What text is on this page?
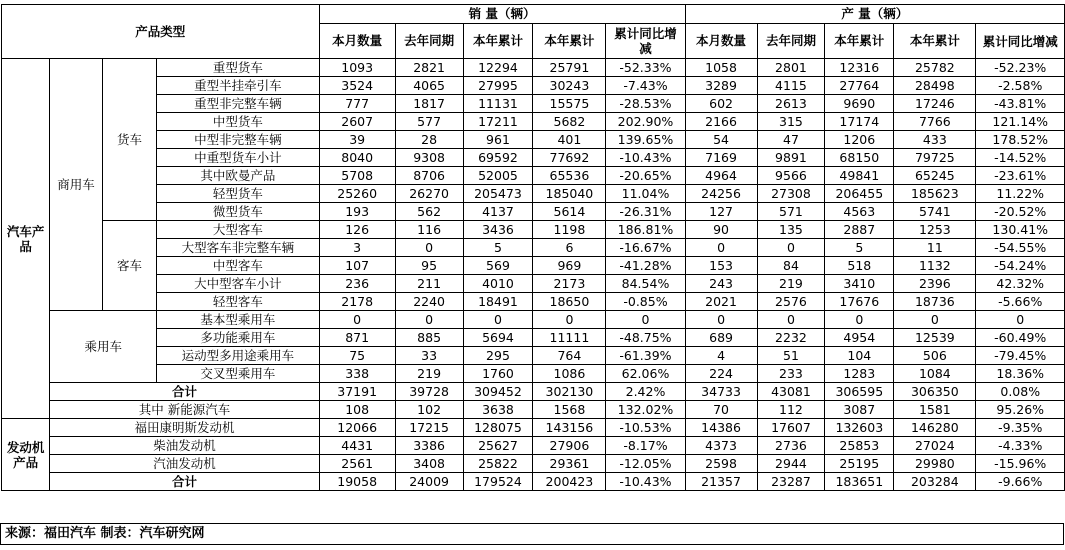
产品类型				销 量（辆）					产 量（辆）				
				本月数量	去年同期	本年累计	本年累计	累计同比增减	本月数量	去年同期	本年累计	本年累计	累计同比增减
汽车产品	商用车	货车	重型货车	1093	2821	12294	25791	-52.33%	1058	2801	12316	25782	-52.23%
			重型半挂牵引车	3524	4065	27995	30243	-7.43%	3289	4115	27764	28498	-2.58%
			重型非完整车辆	777	1817	11131	15575	-28.53%	602	2613	9690	17246	-43.81%
			中型货车	2607	577	17211	5682	202.90%	2166	315	17174	7766	121.14%
			中型非完整车辆	39	28	961	401	139.65%	54	47	1206	433	178.52%
			中重型货车小计	8040	9308	69592	77692	-10.43%	7169	9891	68150	79725	-14.52%
			其中欧曼产品	5708	8706	52005	65536	-20.65%	4964	9566	49841	65245	-23.61%
			轻型货车	25260	26270	205473	185040	11.04%	24256	27308	206455	185623	11.22%
			微型货车	193	562	4137	5614	-26.31%	127	571	4563	5741	-20.52%
		客车	大型客车	126	116	3436	1198	186.81%	90	135	2887	1253	130.41%
			大型客车非完整车辆	3	0	5	6	-16.67%	0	0	5	11	-54.55%
			中型客车	107	95	569	969	-41.28%	153	84	518	1132	-54.24%
			大中型客车小计	236	211	4010	2173	84.54%	243	219	3410	2396	42.32%
			轻型客车	2178	2240	18491	18650	-0.85%	2021	2576	17676	18736	-5.66%
	乘用车		基本型乘用车	0	0	0	0	0	0	0	0	0	0
			多功能乘用车	871	885	5694	11111	-48.75%	689	2232	4954	12539	-60.49%
			运动型多用途乘用车	75	33	295	764	-61.39%	4	51	104	506	-79.45%
			交叉型乘用车	338	219	1760	1086	62.06%	224	233	1283	1084	18.36%
	合计			37191	39728	309452	302130	2.42%	34733	43081	306595	306350	0.08%
	其中 新能源汽车			108	102	3638	1568	132.02%	70	112	3087	1581	95.26%
发动机产品	福田康明斯发动机			12066	17215	128075	143156	-10.53%	14386	17607	132603	146280	-9.35%
	柴油发动机			4431	3386	25627	27906	-8.17%	4373	2736	25853	27024	-4.33%
	汽油发动机			2561	3408	25822	29361	-12.05%	2598	2944	25195	29980	-15.96%
	合计			19058	24009	179524	200423	-10.43%	21357	23287	183651	203284	-9.66%
来源：福田汽车 制表：汽车研究网
